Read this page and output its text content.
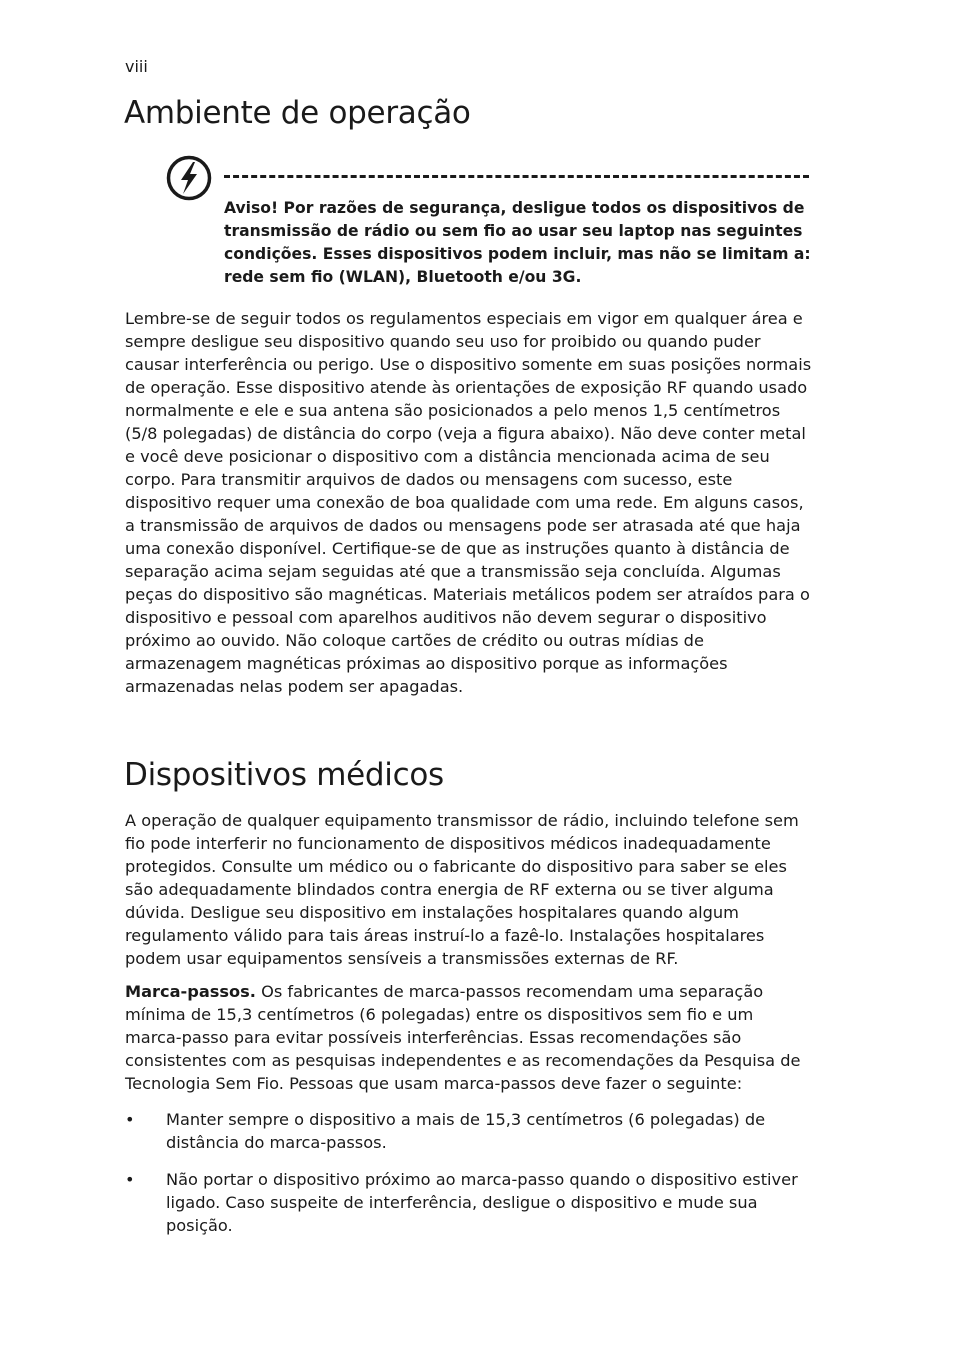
viii
Ambiente de operação
Aviso! Por razões de segurança, desligue todos os dispositivos de transmissão de rádio ou sem fio ao usar seu laptop nas seguintes condições. Esses dispositivos podem incluir, mas não se limitam a: rede sem fio (WLAN), Bluetooth e/ou 3G.

Lembre-se de seguir todos os regulamentos especiais em vigor em qualquer área e sempre desligue seu dispositivo quando seu uso for proibido ou quando puder causar interferência ou perigo. Use o dispositivo somente em suas posições normais de operação. Esse dispositivo atende às orientações de exposição RF quando usado normalmente e ele e sua antena são posicionados a pelo menos 1,5 centímetros (5/8 polegadas) de distância do corpo (veja a figura abaixo). Não deve conter metal e você deve posicionar o dispositivo com a distância mencionada acima de seu corpo. Para transmitir arquivos de dados ou mensagens com sucesso, este dispositivo requer uma conexão de boa qualidade com uma rede. Em alguns casos, a transmissão de arquivos de dados ou mensagens pode ser atrasada até que haja uma conexão disponível. Certifique-se de que as instruções quanto à distância de separação acima sejam seguidas até que a transmissão seja concluída. Algumas peças do dispositivo são magnéticas. Materiais metálicos podem ser atraídos para o dispositivo e pessoal com aparelhos auditivos não devem segurar o dispositivo próximo ao ouvido. Não coloque cartões de crédito ou outras mídias de armazenagem magnéticas próximas ao dispositivo porque as informações armazenadas nelas podem ser apagadas.

Dispositivos médicos

A operação de qualquer equipamento transmissor de rádio, incluindo telefone sem fio pode interferir no funcionamento de dispositivos médicos inadequadamente protegidos. Consulte um médico ou o fabricante do dispositivo para saber se eles são adequadamente blindados contra energia de RF externa ou se tiver alguma dúvida. Desligue seu dispositivo em instalações hospitalares quando algum regulamento válido para tais áreas instruí-lo a fazê-lo. Instalações hospitalares podem usar equipamentos sensíveis a transmissões externas de RF.

Marca-passos. Os fabricantes de marca-passos recomendam uma separação mínima de 15,3 centímetros (6 polegadas) entre os dispositivos sem fio e um marca-passo para evitar possíveis interferências. Essas recomendações são consistentes com as pesquisas independentes e as recomendações da Pesquisa de Tecnologia Sem Fio. Pessoas que usam marca-passos deve fazer o seguinte:

• Manter sempre o dispositivo a mais de 15,3 centímetros (6 polegadas) de distância do marca-passos.
• Não portar o dispositivo próximo ao marca-passo quando o dispositivo estiver ligado. Caso suspeite de interferência, desligue o dispositivo e mude sua posição.
